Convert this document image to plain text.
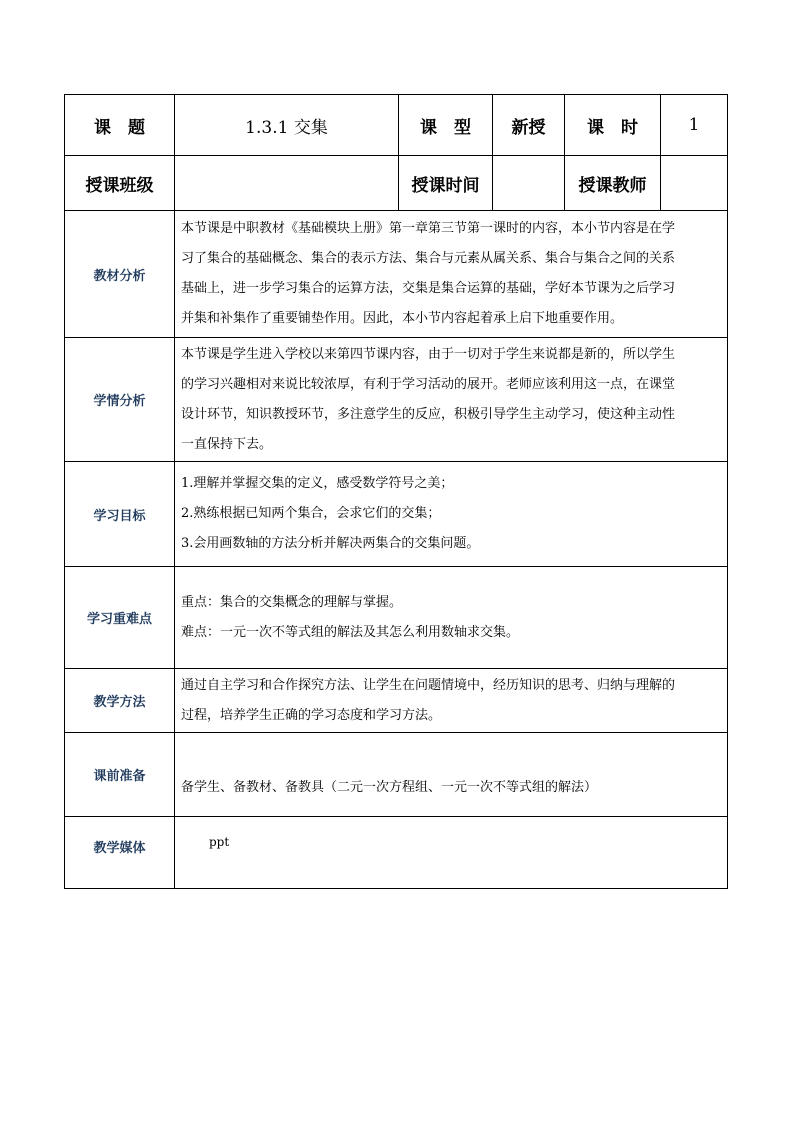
课　题	1.3.1 交集	课　型	新授	课　时	1
授课班级		授课时间		授课教师	
教材分析	本节课是中职教材《基础模块上册》第一章第三节第一课时的内容，本小节内容是在学
习了集合的基础概念、集合的表示方法、集合与元素从属关系、集合与集合之间的关系
基础上，进一步学习集合的运算方法，交集是集合运算的基础，学好本节课为之后学习
并集和补集作了重要铺垫作用。因此，本小节内容起着承上启下地重要作用。				

学情分析	本节课是学生进入学校以来第四节课内容，由于一切对于学生来说都是新的，所以学生
的学习兴趣相对来说比较浓厚，有利于学习活动的展开。老师应该利用这一点，在课堂
设计环节，知识教授环节，多注意学生的反应，积极引导学生主动学习，使这种主动性
一直保持下去。				

学习目标	1.理解并掌握交集的定义，感受数学符号之美；
2.熟练根据已知两个集合，会求它们的交集；
3.会用画数轴的方法分析并解决两集合的交集问题。				

学习重难点	重点：集合的交集概念的理解与掌握。
难点：一元一次不等式组的解法及其怎么利用数轴求交集。				

教学方法	通过自主学习和合作探究方法、让学生在问题情境中，经历知识的思考、归纳与理解的
过程，培养学生正确的学习态度和学习方法。				

课前准备	备学生、备教材、备教具（二元一次方程组、一元一次不等式组的解法）				

教学媒体	ppt				
